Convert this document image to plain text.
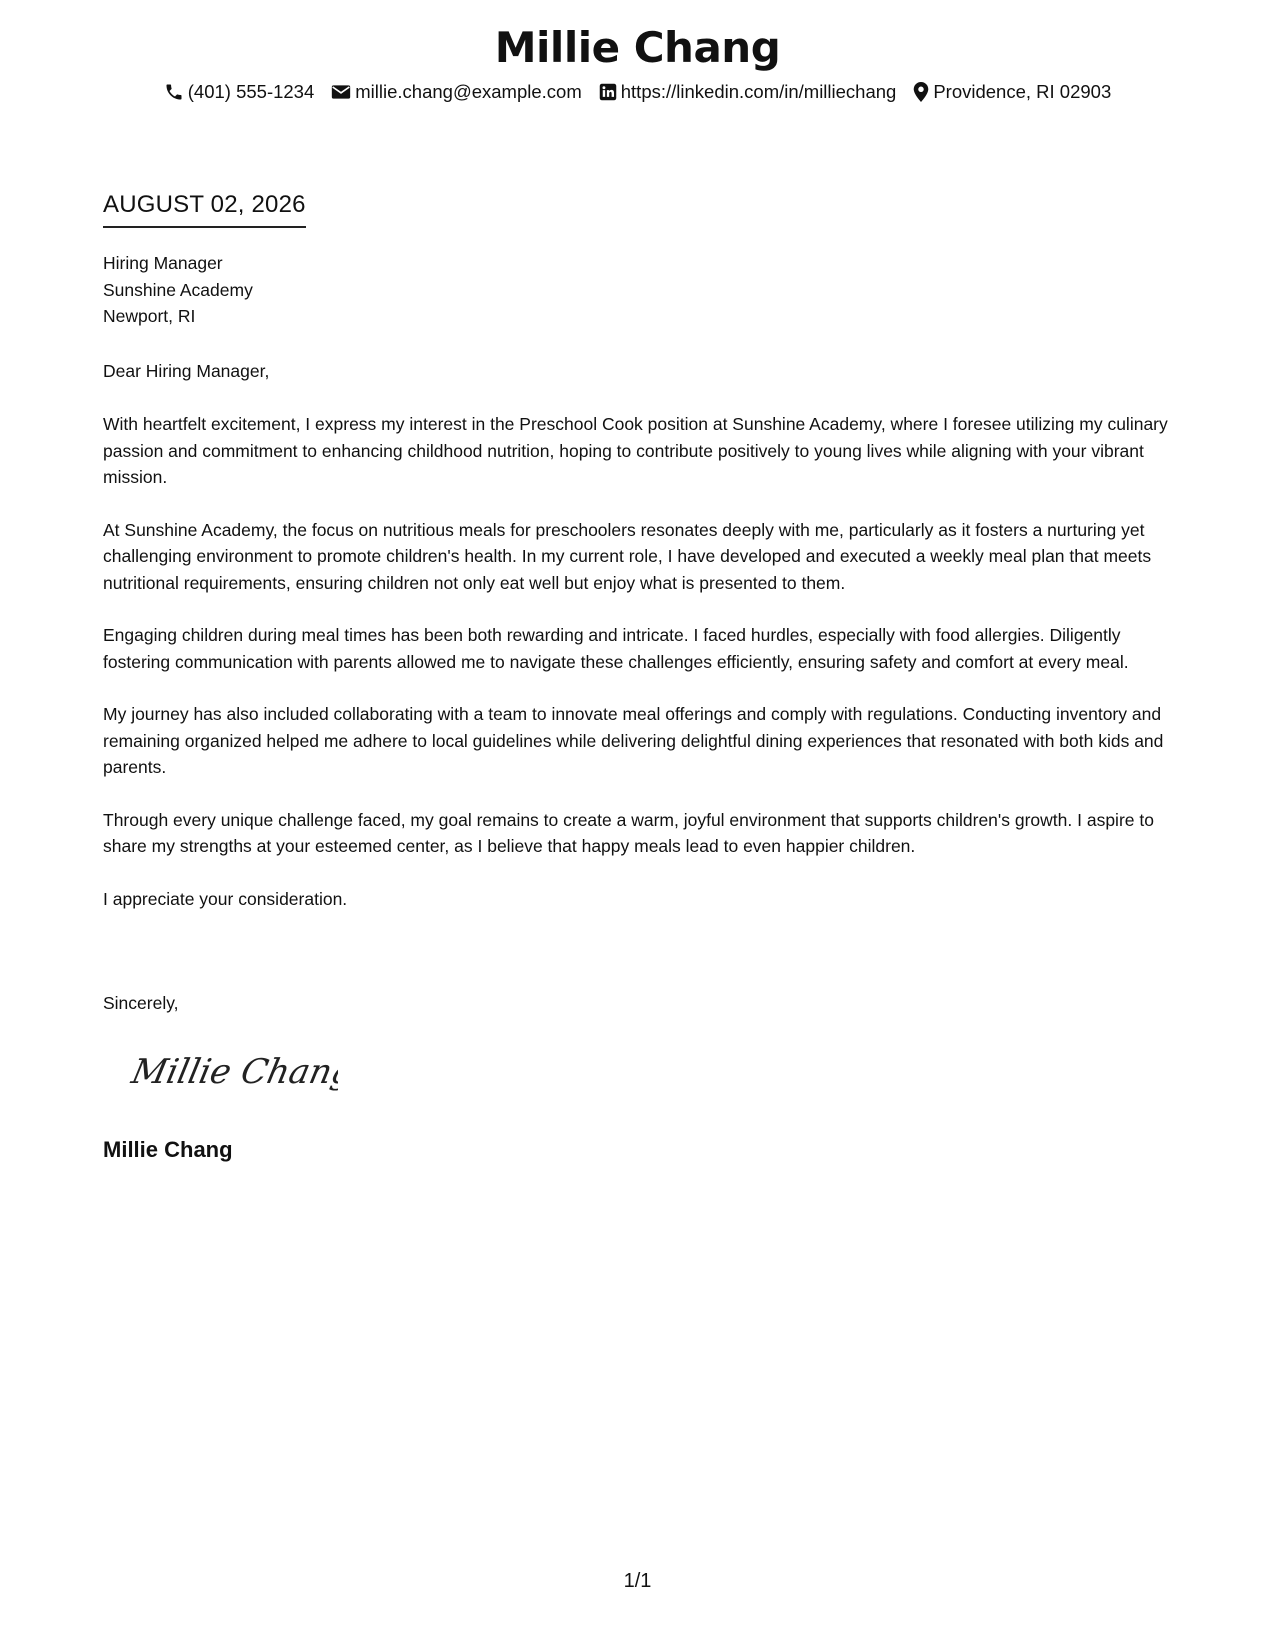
Millie Chang
(401) 555-1234 millie.chang@example.com https://linkedin.com/in/milliechang Providence, RI 02903
AUGUST 02, 2026
Hiring Manager
Sunshine Academy
Newport, RI
Dear Hiring Manager,

With heartfelt excitement, I express my interest in the Preschool Cook position at Sunshine Academy, where I foresee utilizing my culinary passion and commitment to enhancing childhood nutrition, hoping to contribute positively to young lives while aligning with your vibrant mission.

At Sunshine Academy, the focus on nutritious meals for preschoolers resonates deeply with me, particularly as it fosters a nurturing yet challenging environment to promote children's health. In my current role, I have developed and executed a weekly meal plan that meets nutritional requirements, ensuring children not only eat well but enjoy what is presented to them.

Engaging children during meal times has been both rewarding and intricate. I faced hurdles, especially with food allergies. Diligently fostering communication with parents allowed me to navigate these challenges efficiently, ensuring safety and comfort at every meal.

My journey has also included collaborating with a team to innovate meal offerings and comply with regulations. Conducting inventory and remaining organized helped me adhere to local guidelines while delivering delightful dining experiences that resonated with both kids and parents.

Through every unique challenge faced, my goal remains to create a warm, joyful environment that supports children's growth. I aspire to share my strengths at your esteemed center, as I believe that happy meals lead to even happier children.

I appreciate your consideration.

Sincerely,
Millie Chang
Millie Chang
1/1
